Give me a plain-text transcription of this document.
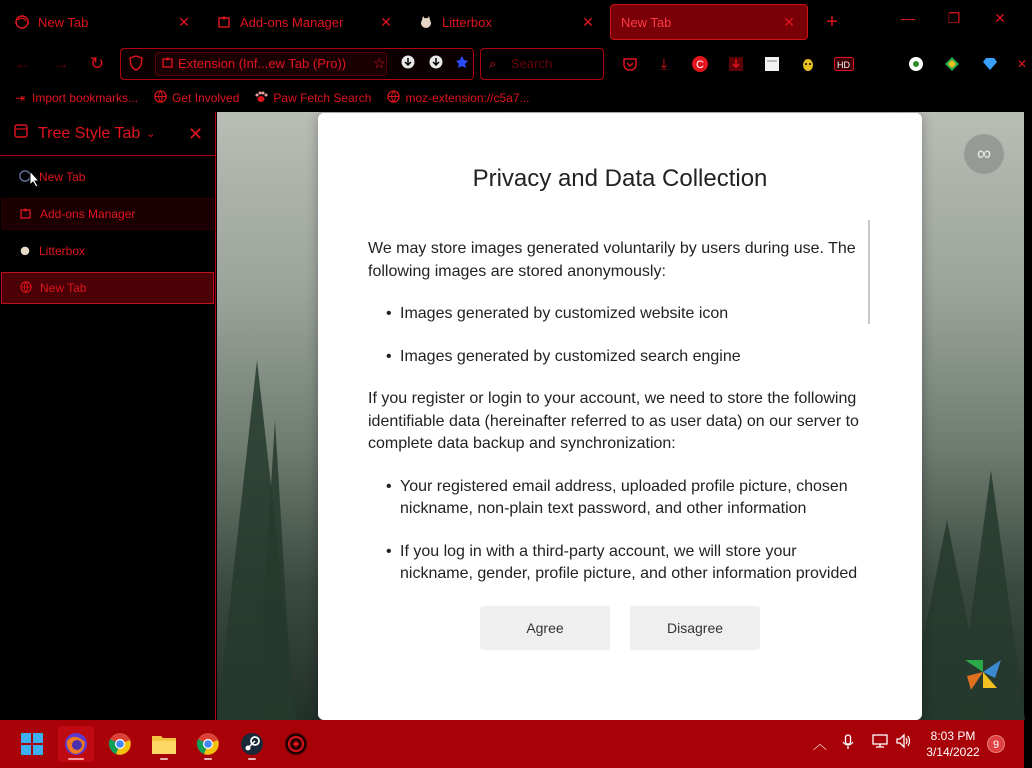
New Tab	✕	Add-ons Manager	✕	Litterbox	✕ New Tab	✕ +	— ❐ ✕
← → ↻	Extension (Inf...ew Tab (Pro))	☆	⌕ Search	⤓	C	HD	✕
⇥ Import bookmarks...	Get Involved	Paw Fetch Search	moz-extension://c5a7...
Tree Style Tab ⌄ ✕
New Tab
Add-ons Manager
Litterbox
New Tab
∞
Privacy and Data Collection

We may store images generated voluntarily by users during use. The following images are stored anonymously:

• Images generated by customized website icon
• Images generated by customized search engine

If you register or login to your account, we need to store the following identifiable data (hereinafter referred to as user data) on our server to complete data backup and synchronization:

• Your registered email address, uploaded profile picture, chosen nickname, non-plain text password, and other information
• If you log in with a third-party account, we will store your nickname, gender, profile picture, and other information provided
Agree	Disagree
︿	8:03 PM
3/14/2022	9
